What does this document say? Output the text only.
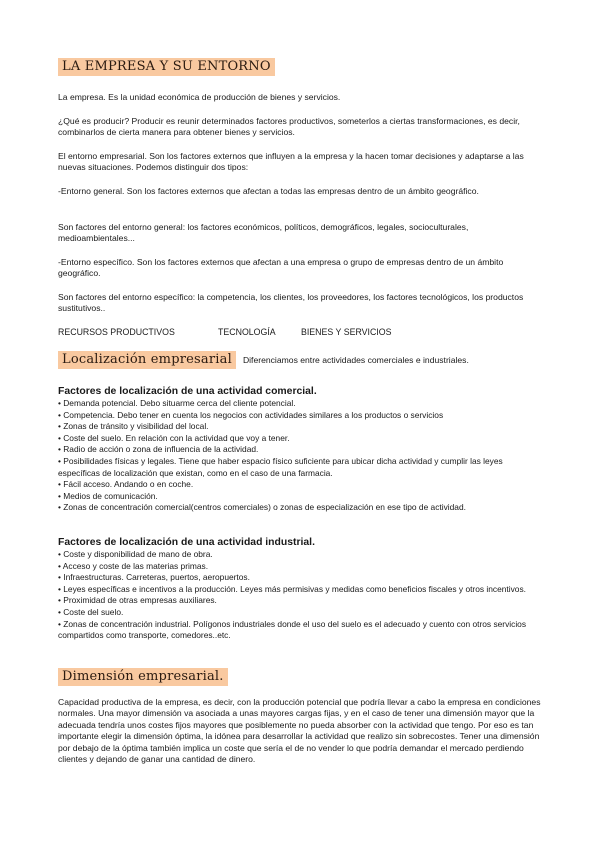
LA EMPRESA Y SU ENTORNO

La empresa. Es la unidad económica de producción de bienes y servicios.

¿Qué es producir? Producir es reunir determinados factores productivos, someterlos a ciertas transformaciones, es decir, combinarlos de cierta manera para obtener bienes y servicios.

El entorno empresarial. Son los factores externos que influyen a la empresa y la hacen tomar decisiones y adaptarse a las nuevas situaciones. Podemos distinguir dos tipos:

-Entorno general. Son los factores externos que afectan a todas las empresas dentro de un ámbito geográfico.

Son factores del entorno general: los factores económicos, políticos, demográficos, legales, socioculturales, medioambientales...

-Entorno específico. Son los factores externos que afectan a una empresa o grupo de empresas dentro de un ámbito geográfico.

Son factores del entorno específico: la competencia, los clientes, los proveedores, los factores tecnológicos, los productos sustitutivos..

RECURSOS PRODUCTIVOS	TECNOLOGÍA	BIENES Y SERVICIOS
Localización empresarial	Diferenciamos entre actividades comerciales e industriales.

Factores de localización de una actividad comercial.

• Demanda potencial. Debo situarme cerca del cliente potencial.

• Competencia. Debo tener en cuenta los negocios con actividades similares a los productos o servicios

• Zonas de tránsito y visibilidad del local.

• Coste del suelo. En relación con la actividad que voy a tener.

• Radio de acción o zona de influencia de la actividad.

• Posibilidades físicas y legales. Tiene que haber espacio físico suficiente para ubicar dicha actividad y cumplir las leyes específicas de localización que existan, como en el caso de una farmacia.

• Fácil acceso. Andando o en coche.

• Medios de comunicación.

• Zonas de concentración comercial(centros comerciales) o zonas de especialización en ese tipo de actividad.

Factores de localización de una actividad industrial.

• Coste y disponibilidad de mano de obra.

• Acceso y coste de las materias primas.

• Infraestructuras. Carreteras, puertos, aeropuertos.

• Leyes específicas e incentivos a la producción. Leyes más permisivas y medidas como beneficios fiscales y otros incentivos.

• Proximidad de otras empresas auxiliares.

• Coste del suelo.

• Zonas de concentración industrial. Polígonos industriales donde el uso del suelo es el adecuado y cuento con otros servicios compartidos como transporte, comedores..etc.

Dimensión empresarial.

Capacidad productiva de la empresa, es decir, con la producción potencial que podría llevar a cabo la empresa en condiciones normales. Una mayor dimensión va asociada a unas mayores cargas fijas, y en el caso de tener una dimensión mayor que la adecuada tendría unos costes fijos mayores que posiblemente no pueda absorber con la actividad que tengo. Por eso es tan importante elegir la dimensión óptima, la idónea para desarrollar la actividad que realizo sin sobrecostes. Tener una dimensión por debajo de la óptima también implica un coste que sería el de no vender lo que podría demandar el mercado perdiendo clientes y dejando de ganar una cantidad de dinero.
